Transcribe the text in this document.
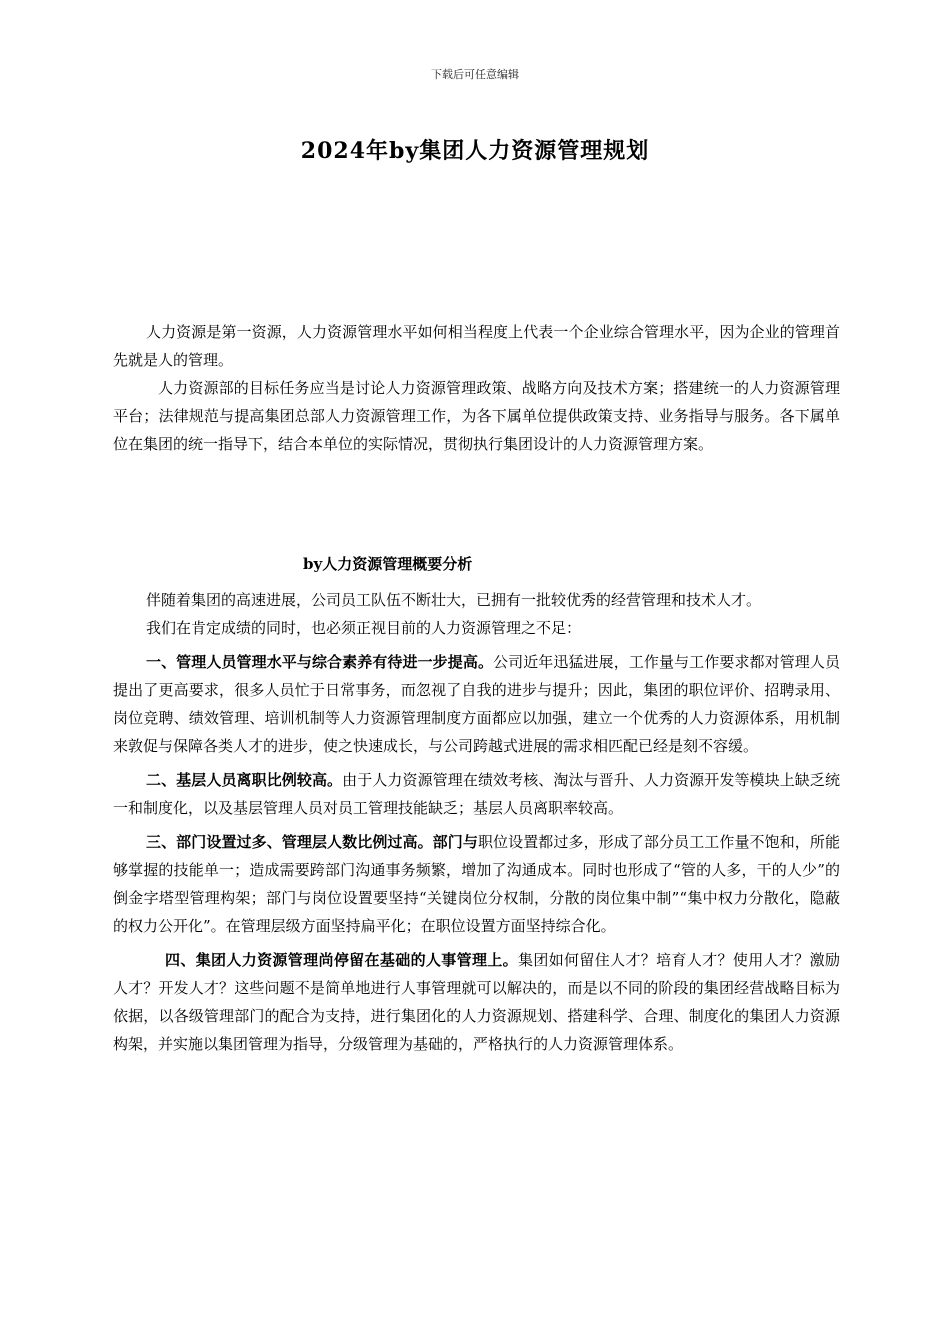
下载后可任意编辑
2024年by集团人力资源管理规划

人力资源是第一资源，人力资源管理水平如何相当程度上代表一个企业综合管理水平，因为企业的管理首先就是人的管理。

人力资源部的目标任务应当是讨论人力资源管理政策、战略方向及技术方案；搭建统一的人力资源管理平台；法律规范与提高集团总部人力资源管理工作，为各下属单位提供政策支持、业务指导与服务。各下属单位在集团的统一指导下，结合本单位的实际情况，贯彻执行集团设计的人力资源管理方案。

by人力资源管理概要分析

伴随着集团的高速进展，公司员工队伍不断壮大，已拥有一批较优秀的经营管理和技术人才。

我们在肯定成绩的同时，也必须正视目前的人力资源管理之不足：

一、管理人员管理水平与综合素养有待进一步提高。公司近年迅猛进展，工作量与工作要求都对管理人员提出了更高要求，很多人员忙于日常事务，而忽视了自我的进步与提升；因此，集团的职位评价、招聘录用、岗位竞聘、绩效管理、培训机制等人力资源管理制度方面都应以加强，建立一个优秀的人力资源体系，用机制来敦促与保障各类人才的进步，使之快速成长，与公司跨越式进展的需求相匹配已经是刻不容缓。

二、基层人员离职比例较高。由于人力资源管理在绩效考核、淘汰与晋升、人力资源开发等模块上缺乏统一和制度化，以及基层管理人员对员工管理技能缺乏；基层人员离职率较高。

三、部门设置过多、管理层人数比例过高。部门与职位设置都过多，形成了部分员工工作量不饱和，所能够掌握的技能单一；造成需要跨部门沟通事务频繁，增加了沟通成本。同时也形成了“管的人多，干的人少”的倒金字塔型管理构架；部门与岗位设置要坚持“关键岗位分权制，分散的岗位集中制”“集中权力分散化，隐蔽的权力公开化”。在管理层级方面坚持扁平化；在职位设置方面坚持综合化。

四、集团人力资源管理尚停留在基础的人事管理上。集团如何留住人才？培育人才？使用人才？激励人才？开发人才？这些问题不是简单地进行人事管理就可以解决的，而是以不同的阶段的集团经营战略目标为依据，以各级管理部门的配合为支持，进行集团化的人力资源规划、搭建科学、合理、制度化的集团人力资源构架，并实施以集团管理为指导，分级管理为基础的，严格执行的人力资源管理体系。
